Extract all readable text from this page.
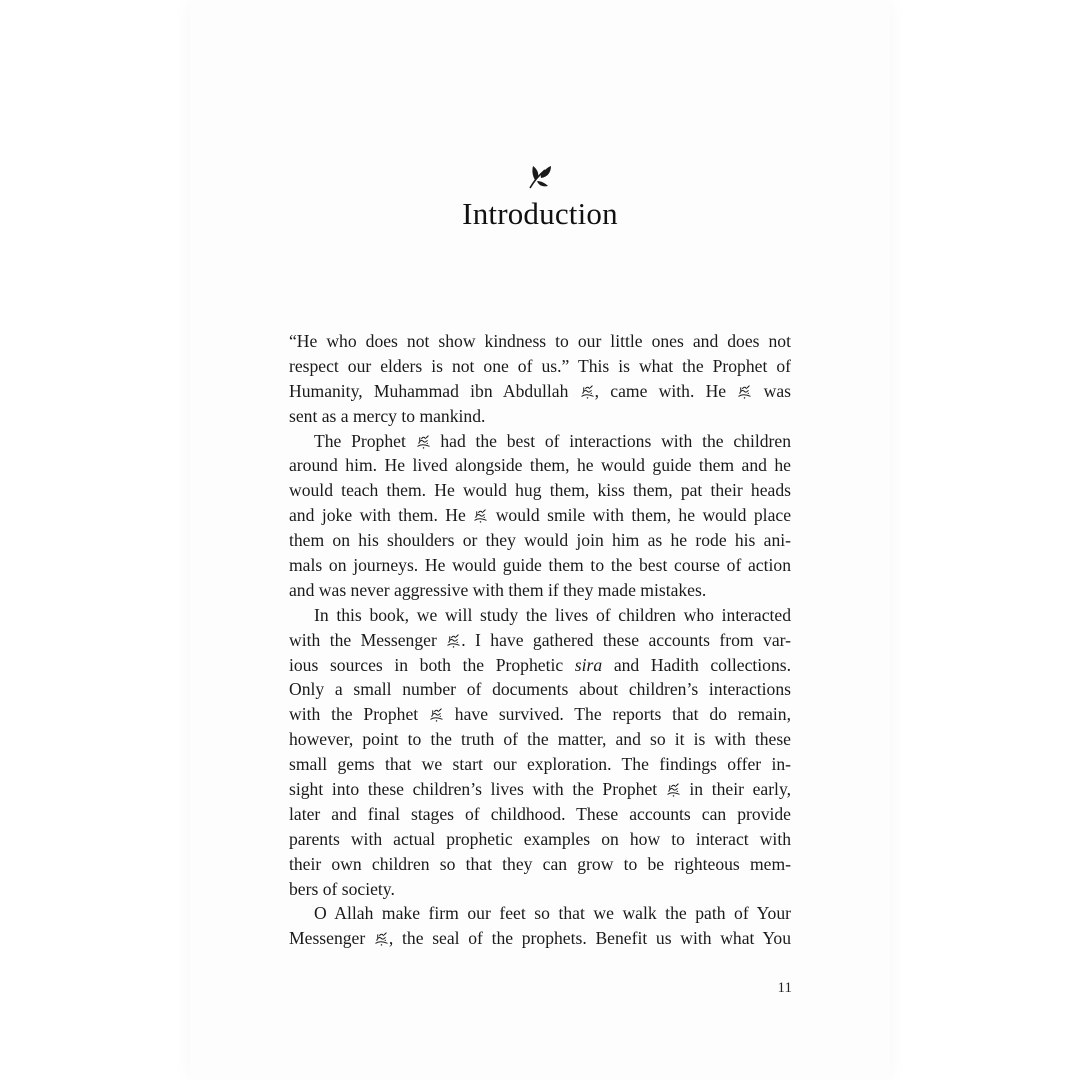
Introduction
“He who does not show kindness to our little ones and does not
respect our elders is not one of us.” This is what the Prophet of
Humanity, Muhammad ibn Abdullah , came with. He  was
sent as a mercy to mankind.
The Prophet  had the best of interactions with the children
around him. He lived alongside them, he would guide them and he
would teach them. He would hug them, kiss them, pat their heads
and joke with them. He  would smile with them, he would place
them on his shoulders or they would join him as he rode his ani-
mals on journeys. He would guide them to the best course of action
and was never aggressive with them if they made mistakes.
In this book, we will study the lives of children who interacted
with the Messenger . I have gathered these accounts from var-
ious sources in both the Prophetic sira and Hadith collections.
Only a small number of documents about children’s interactions
with the Prophet  have survived. The reports that do remain,
however, point to the truth of the matter, and so it is with these
small gems that we start our exploration. The findings offer in-
sight into these children’s lives with the Prophet  in their early,
later and final stages of childhood. These accounts can provide
parents with actual prophetic examples on how to interact with
their own children so that they can grow to be righteous mem-
bers of society.
O Allah make firm our feet so that we walk the path of Your
Messenger , the seal of the prophets. Benefit us with what You
11
